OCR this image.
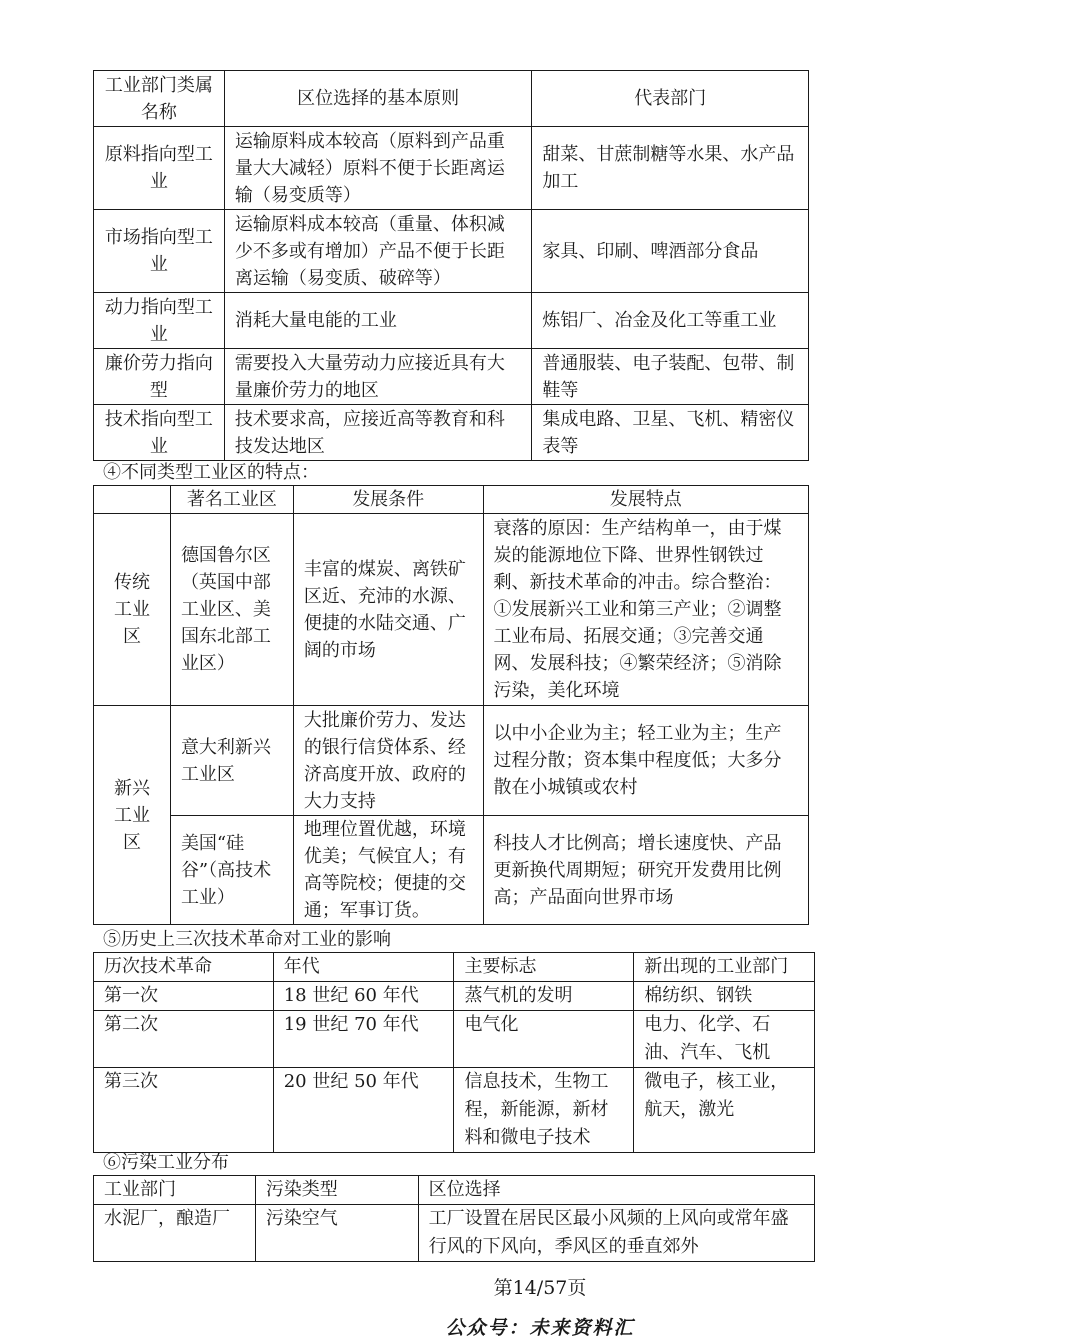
工业部门类属名称	区位选择的基本原则	代表部门
原料指向型工业	运输原料成本较高（原料到产品重量大大减轻）原料不便于长距离运输（易变质等）	甜菜、甘蔗制糖等水果、水产品加工
市场指向型工业	运输原料成本较高（重量、体积减少不多或有增加）产品不便于长距离运输（易变质、破碎等）	家具、印刷、啤酒部分食品
动力指向型工业	消耗大量电能的工业	炼铝厂、冶金及化工等重工业
廉价劳力指向型	需要投入大量劳动力应接近具有大量廉价劳力的地区	普通服装、电子装配、包带、制鞋等
技术指向型工业	技术要求高，应接近高等教育和科技发达地区	集成电路、卫星、飞机、精密仪表等
④不同类型工业区的特点：
	著名工业区	发展条件	发展特点
传统工业区	德国鲁尔区（英国中部工业区、美国东北部工业区）	丰富的煤炭、离铁矿区近、充沛的水源、便捷的水陆交通、广阔的市场	衰落的原因：生产结构单一，由于煤炭的能源地位下降、世界性钢铁过剩、新技术革命的冲击。综合整治：①发展新兴工业和第三产业；②调整工业布局、拓展交通；③完善交通网、发展科技；④繁荣经济；⑤消除污染，美化环境
新兴工业区	意大利新兴工业区	大批廉价劳力、发达的银行信贷体系、经济高度开放、政府的大力支持	以中小企业为主；轻工业为主；生产过程分散；资本集中程度低；大多分散在小城镇或农村
	美国“硅谷”（高技术工业）	地理位置优越，环境优美；气候宜人；有高等院校；便捷的交通；军事订货。	科技人才比例高；增长速度快、产品更新换代周期短；研究开发费用比例高；产品面向世界市场
⑤历史上三次技术革命对工业的影响
历次技术革命	年代	主要标志	新出现的工业部门
第一次	18 世纪 60 年代	蒸气机的发明	棉纺织、钢铁
第二次	19 世纪 70 年代	电气化	电力、化学、石油、汽车、飞机
第三次	20 世纪 50 年代	信息技术，生物工程，新能源，新材料和微电子技术	微电子，核工业，航天，激光
⑥污染工业分布
工业部门	污染类型	区位选择
水泥厂，酿造厂	污染空气	工厂设置在居民区最小风频的上风向或常年盛行风的下风向，季风区的垂直郊外
第14/57页
公众号：未来资料汇
